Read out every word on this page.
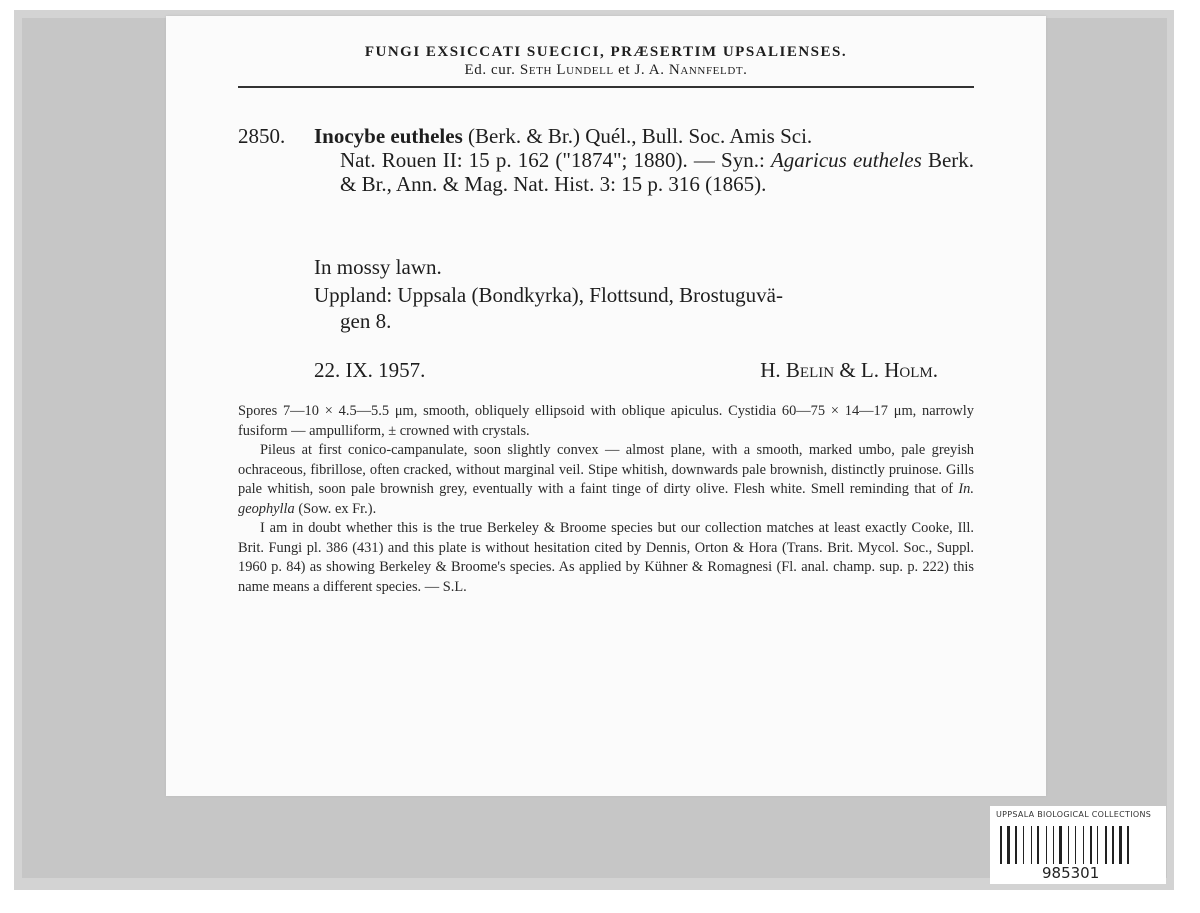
FUNGI EXSICCATI SUECICI, PRÆSERTIM UPSALIENSES.
Ed. cur. Seth Lundell et J. A. Nannfeldt.
2850. Inocybe eutheles (Berk. & Br.) Quél., Bull. Soc. Amis Sci.
Nat. Rouen II: 15 p. 162 ("1874"; 1880). — Syn.: Agaricus eutheles Berk. & Br., Ann. & Mag. Nat. Hist. 3: 15 p. 316 (1865).
In mossy lawn.
Uppland: Uppsala (Bondkyrka), Flottsund, Brostuguvä-
gen 8.
22. IX. 1957.	H. Belin & L. Holm.

Spores 7—10 × 4.5—5.5 μm, smooth, obliquely ellipsoid with oblique apiculus. Cystidia 60—75 × 14—17 μm, narrowly fusiform — ampulliform, ± crowned with crystals.

Pileus at first conico-campanulate, soon slightly convex — almost plane, with a smooth, marked umbo, pale greyish ochraceous, fibrillose, often cracked, without marginal veil. Stipe whitish, downwards pale brownish, distinctly pruinose. Gills pale whitish, soon pale brownish grey, eventually with a faint tinge of dirty olive. Flesh white. Smell reminding that of In. geophylla (Sow. ex Fr.).

I am in doubt whether this is the true Berkeley & Broome species but our collection matches at least exactly Cooke, Ill. Brit. Fungi pl. 386 (431) and this plate is without hesitation cited by Dennis, Orton & Hora (Trans. Brit. Mycol. Soc., Suppl. 1960 p. 84) as showing Berkeley & Broome's species. As applied by Kühner & Romagnesi (Fl. anal. champ. sup. p. 222) this name means a different species. — S.L.

UPPSALA BIOLOGICAL COLLECTIONS
985301
